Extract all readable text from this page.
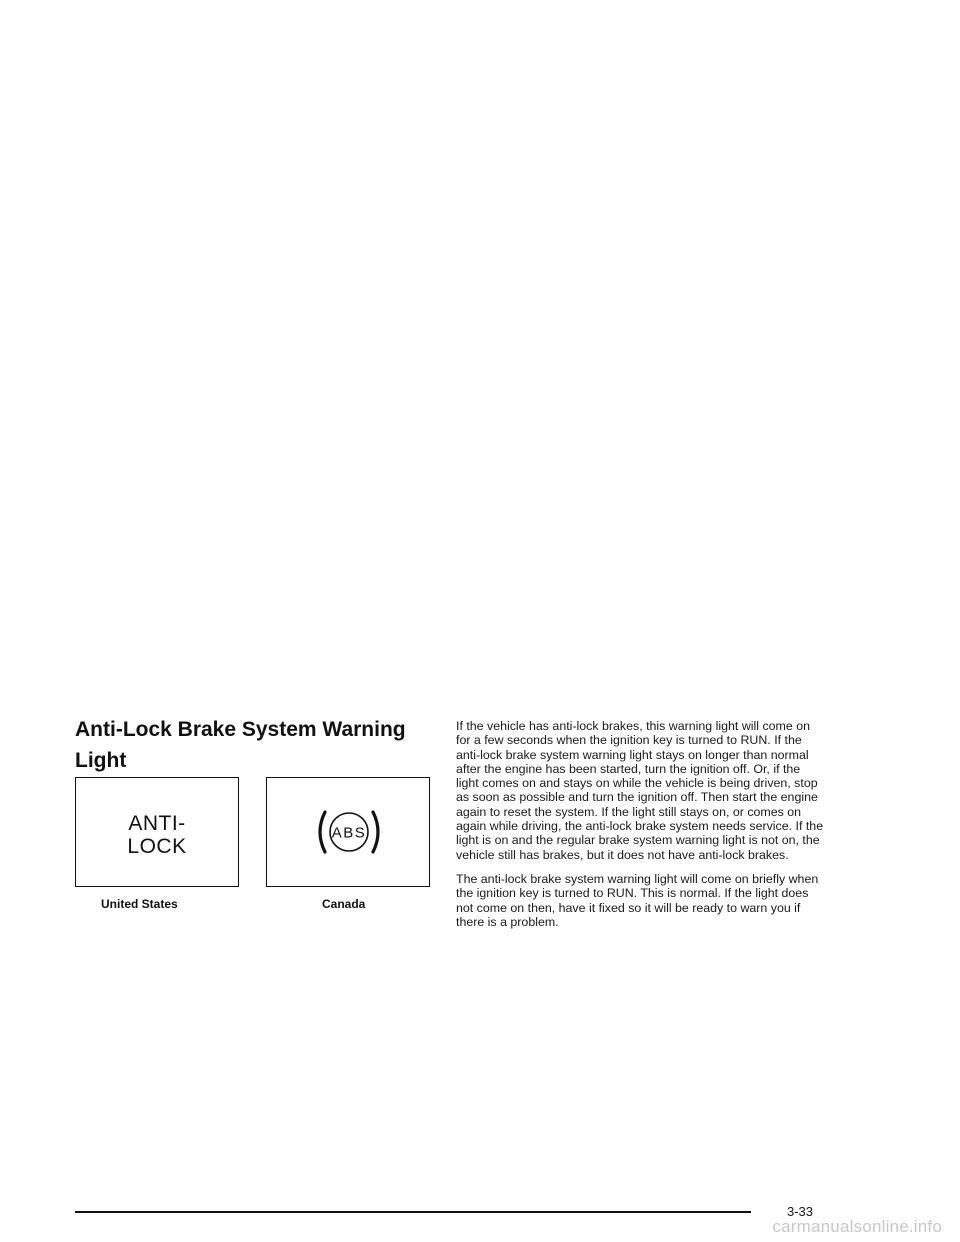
Anti-Lock Brake System Warning Light
ANTI-
LOCK
ABS
United States	Canada

If the vehicle has anti-lock brakes, this warning light will come on for a few seconds when the ignition key is turned to RUN. If the anti-lock brake system warning light stays on longer than normal after the engine has been started, turn the ignition off. Or, if the light comes on and stays on while the vehicle is being driven, stop as soon as possible and turn the ignition off. Then start the engine again to reset the system. If the light still stays on, or comes on again while driving, the anti-lock brake system needs service. If the light is on and the regular brake system warning light is not on, the vehicle still has brakes, but it does not have anti-lock brakes.

The anti-lock brake system warning light will come on briefly when the ignition key is turned to RUN. This is normal. If the light does not come on then, have it fixed so it will be ready to warn you if there is a problem.

3-33
carmanualsonline.info
